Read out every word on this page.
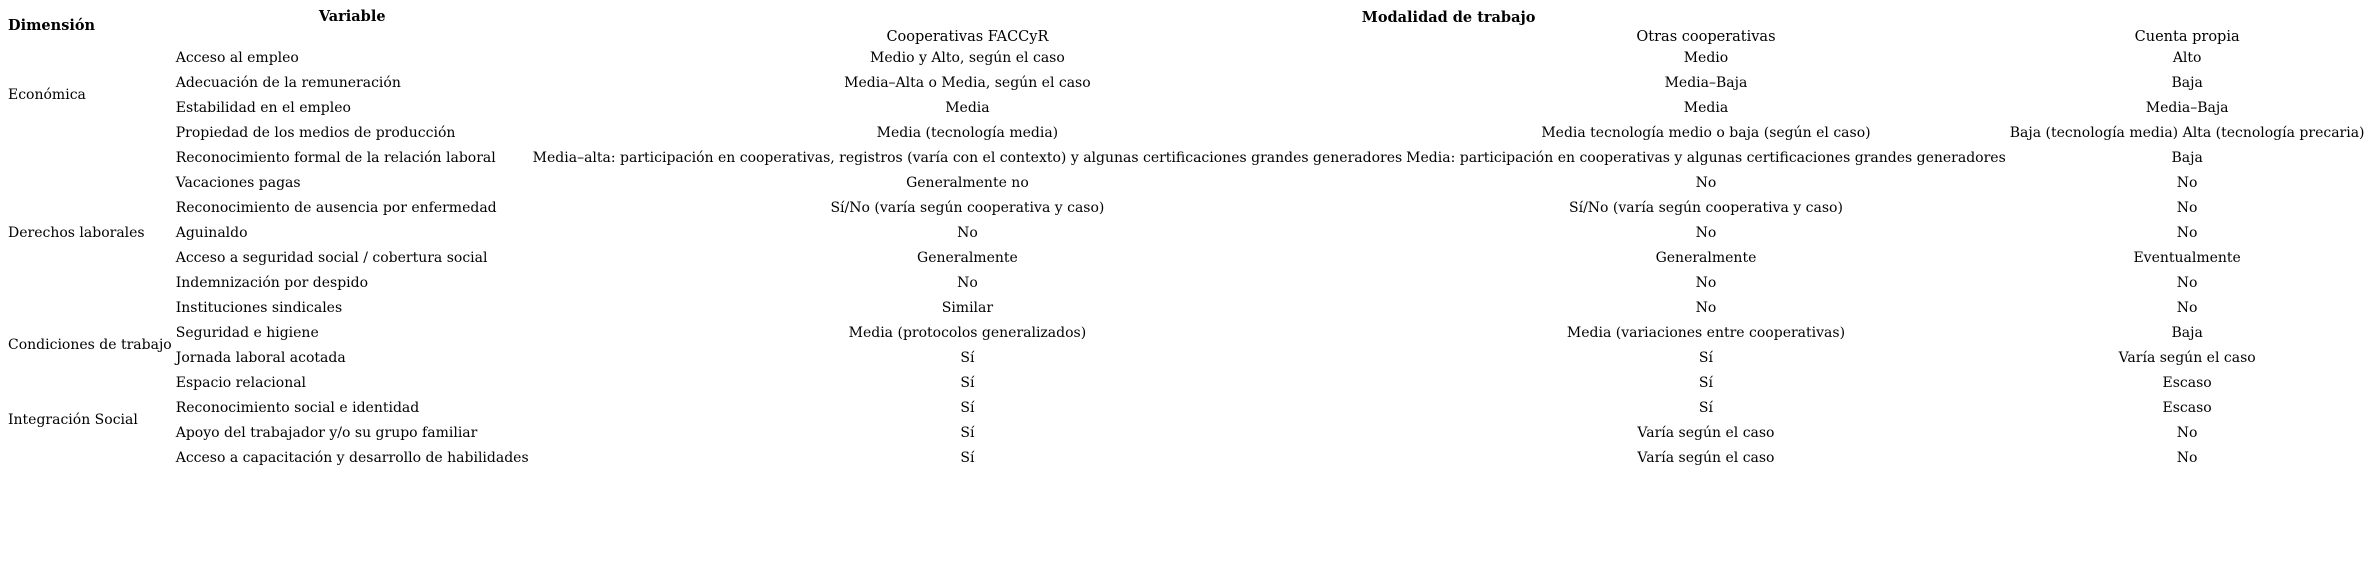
Dimensión	Variable	Modalidad de trabajo		
		Cooperativas FACCyR	Otras cooperativas	Cuenta propia
Económica	Acceso al empleo	Medio y Alto, según el caso	Medio	Alto
	Adecuación de la remuneración	Media–Alta o Media, según el caso	Media–Baja	Baja
	Estabilidad en el empleo	Media	Media	Media–Baja
	Propiedad de los medios de producción	Media (tecnología media)	Media tecnología medio o baja (según el caso)	Baja (tecnología media) Alta (tecnología precaria)
Derechos laborales	Reconocimiento formal de la relación laboral	Media–alta: participación en cooperativas, registros (varía con el contexto) y algunas certificaciones grandes generadores	Media: participación en cooperativas y algunas certificaciones grandes generadores	Baja
	Vacaciones pagas	Generalmente no	No	No
	Reconocimiento de ausencia por enfermedad	Sí/No (varía según cooperativa y caso)	Sí/No (varía según cooperativa y caso)	No
	Aguinaldo	No	No	No
	Acceso a seguridad social / cobertura social	Generalmente	Generalmente	Eventualmente
	Indemnización por despido	No	No	No
	Instituciones sindicales	Similar	No	No
Condiciones de trabajo	Seguridad e higiene	Media (protocolos generalizados)	Media (variaciones entre cooperativas)	Baja
	Jornada laboral acotada	Sí	Sí	Varía según el caso
Integración Social	Espacio relacional	Sí	Sí	Escaso
	Reconocimiento social e identidad	Sí	Sí	Escaso
	Apoyo del trabajador y/o su grupo familiar	Sí	Varía según el caso	No
	Acceso a capacitación y desarrollo de habilidades	Sí	Varía según el caso	No
